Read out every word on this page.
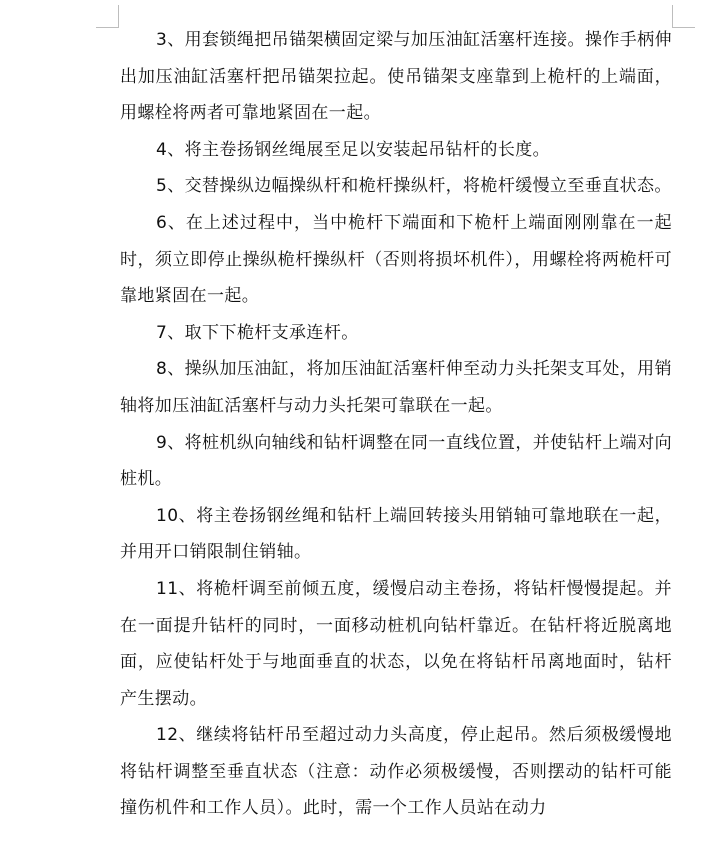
3、用套锁绳把吊锚架横固定梁与加压油缸活塞杆连接。操作手柄伸出加压油缸活塞杆把吊锚架拉起。使吊锚架支座靠到上桅杆的上端面，用螺栓将两者可靠地紧固在一起。

4、将主卷扬钢丝绳展至足以安装起吊钻杆的长度。

5、交替操纵边幅操纵杆和桅杆操纵杆，将桅杆缓慢立至垂直状态。

6、在上述过程中，当中桅杆下端面和下桅杆上端面刚刚靠在一起时，须立即停止操纵桅杆操纵杆（否则将损坏机件），用螺栓将两桅杆可靠地紧固在一起。

7、取下下桅杆支承连杆。

8、操纵加压油缸，将加压油缸活塞杆伸至动力头托架支耳处，用销轴将加压油缸活塞杆与动力头托架可靠联在一起。

9、将桩机纵向轴线和钻杆调整在同一直线位置，并使钻杆上端对向桩机。

10、将主卷扬钢丝绳和钻杆上端回转接头用销轴可靠地联在一起，并用开口销限制住销轴。

11、将桅杆调至前倾五度，缓慢启动主卷扬，将钻杆慢慢提起。并在一面提升钻杆的同时，一面移动桩机向钻杆靠近。在钻杆将近脱离地面，应使钻杆处于与地面垂直的状态，以免在将钻杆吊离地面时，钻杆产生摆动。

12、继续将钻杆吊至超过动力头高度，停止起吊。然后须极缓慢地将钻杆调整至垂直状态（注意：动作必须极缓慢，否则摆动的钻杆可能撞伤机件和工作人员）。此时，需一个工作人员站在动力
